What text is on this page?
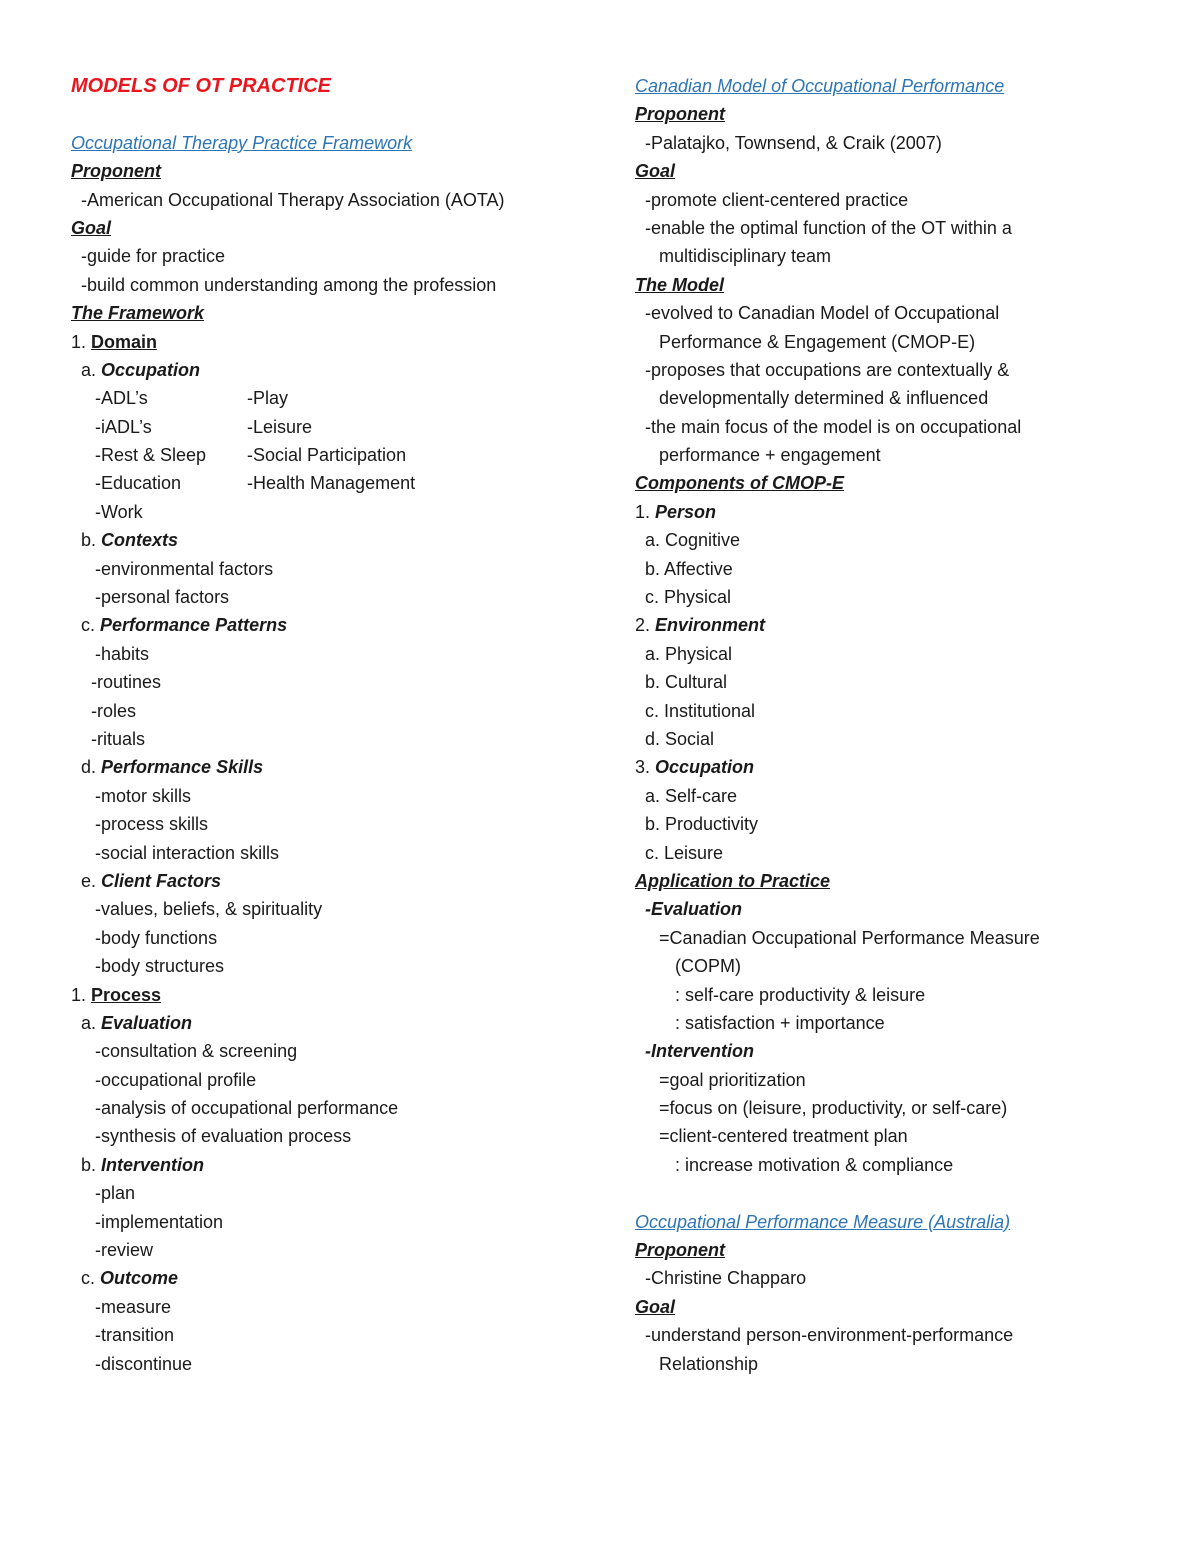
MODELS OF OT PRACTICE
Occupational Therapy Practice Framework
Proponent
-American Occupational Therapy Association (AOTA)
Goal
-guide for practice
-build common understanding among the profession
The Framework
1. Domain
a. Occupation
-ADL’s	-Play
-iADL’s	-Leisure
-Rest & Sleep -Social Participation
-Education	-Health Management
-Work
b. Contexts
-environmental factors
-personal factors
c. Performance Patterns
-habits
-routines
-roles
-rituals
d. Performance Skills
-motor skills
-process skills
-social interaction skills
e. Client Factors
-values, beliefs, & spirituality
-body functions
-body structures
1. Process
a. Evaluation
-consultation & screening
-occupational profile
-analysis of occupational performance
-synthesis of evaluation process
b. Intervention
-plan
-implementation
-review
c. Outcome
-measure
-transition
-discontinue
Canadian Model of Occupational Performance
Proponent
-Palatajko, Townsend, & Craik (2007)
Goal
-promote client-centered practice
-enable the optimal function of the OT within a
multidisciplinary team
The Model
-evolved to Canadian Model of Occupational
Performance & Engagement (CMOP-E)
-proposes that occupations are contextually &
developmentally determined & influenced
-the main focus of the model is on occupational
performance + engagement
Components of CMOP-E
1. Person
a. Cognitive
b. Affective
c. Physical
2. Environment
a. Physical
b. Cultural
c. Institutional
d. Social
3. Occupation
a. Self-care
b. Productivity
c. Leisure
Application to Practice
-Evaluation
=Canadian Occupational Performance Measure
(COPM)
: self-care productivity & leisure
: satisfaction + importance
-Intervention
=goal prioritization
=focus on (leisure, productivity, or self-care)
=client-centered treatment plan
: increase motivation & compliance
Occupational Performance Measure (Australia)
Proponent
-Christine Chapparo
Goal
-understand person-environment-performance
Relationship
